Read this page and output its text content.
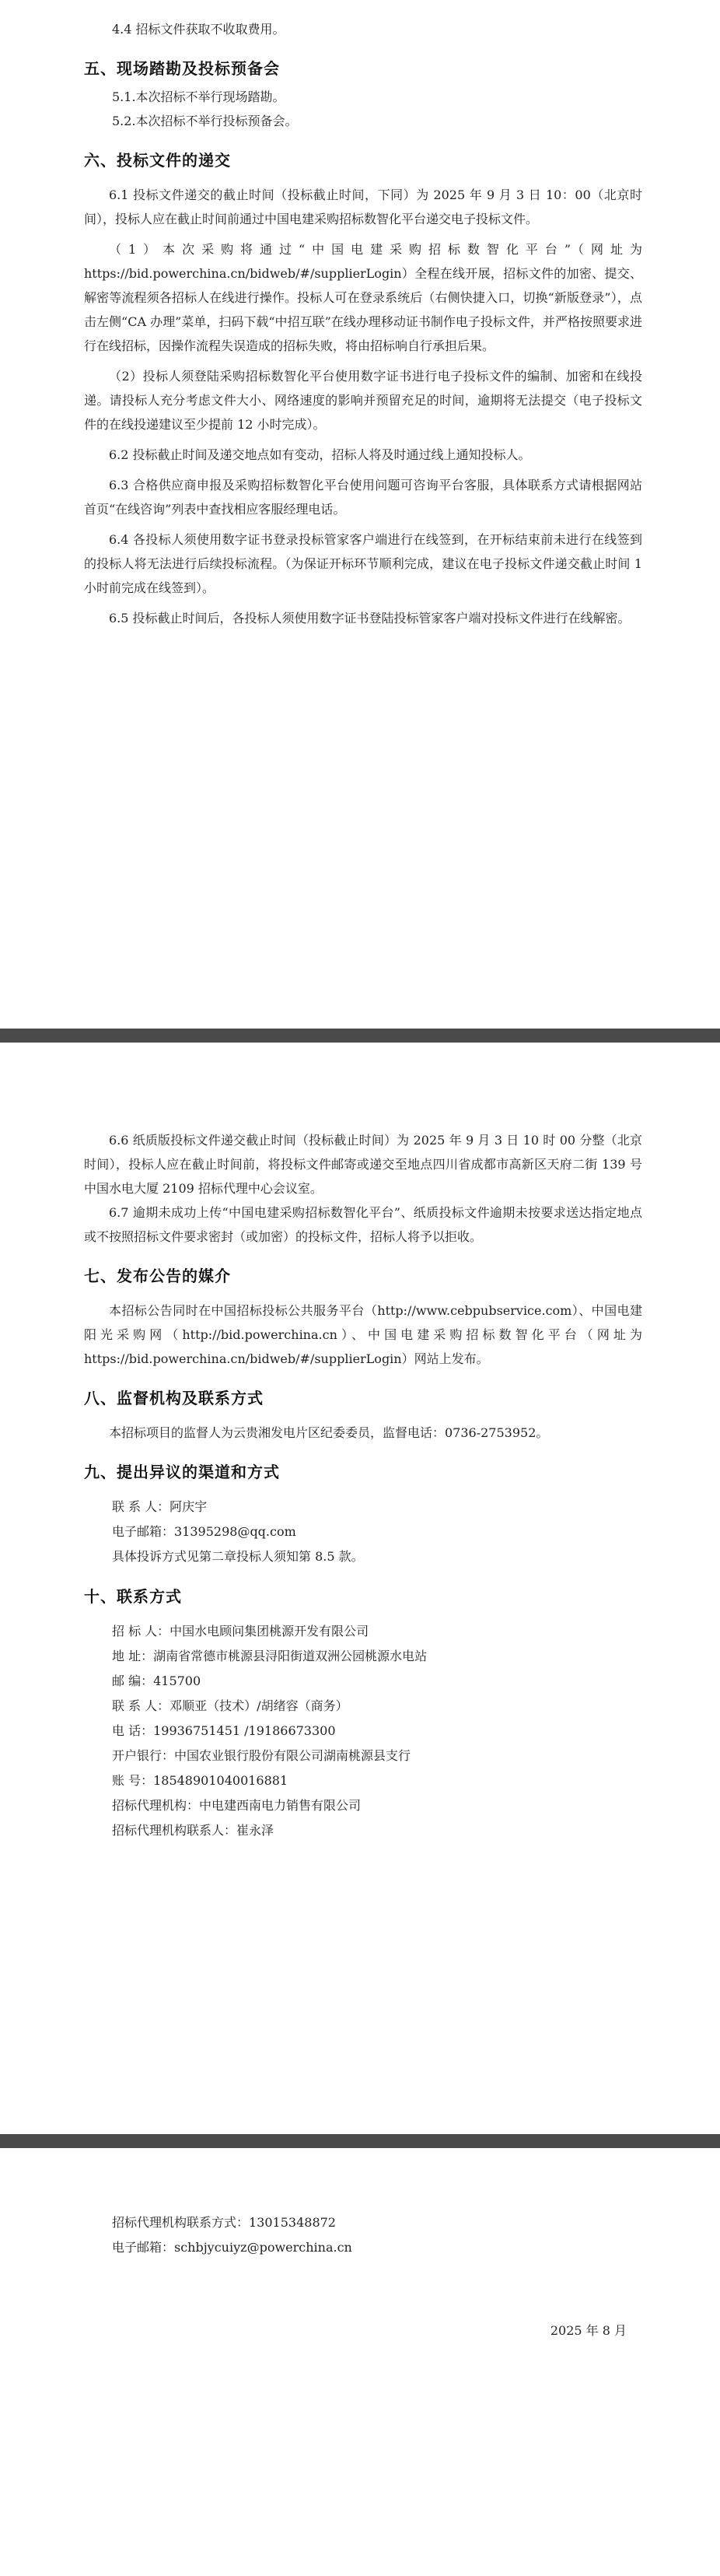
4.4 招标文件获取不收取费用。

五、现场踏勘及投标预备会

5.1.本次招标不举行现场踏勘。

5.2.本次招标不举行投标预备会。

六、投标文件的递交

6.1 投标文件递交的截止时间（投标截止时间，下同）为 2025 年 9 月 3 日 10：00（北京时间），投标人应在截止时间前通过中国电建采购招标数智化平台递交电子投标文件。

（1）本次采购将通过“中国电建采购招标数智化平台”（网址为 https://bid.powerchina.cn/bidweb/#/supplierLogin）全程在线开展，招标文件的加密、提交、解密等流程须各招标人在线进行操作。投标人可在登录系统后（右侧快捷入口，切换“新版登录”），点击左侧“CA 办理”菜单，扫码下载“中招互联”在线办理移动证书制作电子投标文件，并严格按照要求进行在线招标，因操作流程失误造成的招标失败，将由招标响自行承担后果。

（2）投标人须登陆采购招标数智化平台使用数字证书进行电子投标文件的编制、加密和在线投递。请投标人充分考虑文件大小、网络速度的影响并预留充足的时间，逾期将无法提交（电子投标文件的在线投递建议至少提前 12 小时完成）。

6.2 投标截止时间及递交地点如有变动，招标人将及时通过线上通知投标人。

6.3 合格供应商申报及采购招标数智化平台使用问题可咨询平台客服，具体联系方式请根据网站首页“在线咨询”列表中查找相应客服经理电话。

6.4 各投标人须使用数字证书登录投标管家客户端进行在线签到，在开标结束前未进行在线签到的投标人将无法进行后续投标流程。（为保证开标环节顺利完成，建议在电子投标文件递交截止时间 1 小时前完成在线签到）。

6.5 投标截止时间后，各投标人须使用数字证书登陆投标管家客户端对投标文件进行在线解密。

6.6 纸质版投标文件递交截止时间（投标截止时间）为 2025 年 9 月 3 日 10 时 00 分整（北京时间），投标人应在截止时间前，将投标文件邮寄或递交至地点四川省成都市高新区天府二街 139 号中国水电大厦 2109 招标代理中心会议室。

6.7 逾期未成功上传“中国电建采购招标数智化平台”、纸质投标文件逾期未按要求送达指定地点或不按照招标文件要求密封（或加密）的投标文件，招标人将予以拒收。

七、发布公告的媒介

本招标公告同时在中国招标投标公共服务平台（http://www.cebpubservice.com）、中国电建阳光采购网（http://bid.powerchina.cn）、中国电建采购招标数智化平台（网址为 https://bid.powerchina.cn/bidweb/#/supplierLogin）网站上发布。

八、监督机构及联系方式

本招标项目的监督人为云贵湘发电片区纪委委员，监督电话：0736-2753952。

九、提出异议的渠道和方式

联 系 人：阿庆宇

电子邮箱：31395298@qq.com

具体投诉方式见第二章投标人须知第 8.5 款。

十、联系方式

招 标 人：中国水电顾问集团桃源开发有限公司

地 址：湖南省常德市桃源县浔阳街道双洲公园桃源水电站

邮 编：415700

联 系 人：邓顺亚（技术）/胡绪容（商务）

电 话：19936751451 /19186673300

开户银行：中国农业银行股份有限公司湖南桃源县支行

账 号：18548901040016881

招标代理机构：中电建西南电力销售有限公司

招标代理机构联系人：崔永泽

招标代理机构联系方式：13015348872

电子邮箱：schbjycuiyz@powerchina.cn

2025 年 8 月
